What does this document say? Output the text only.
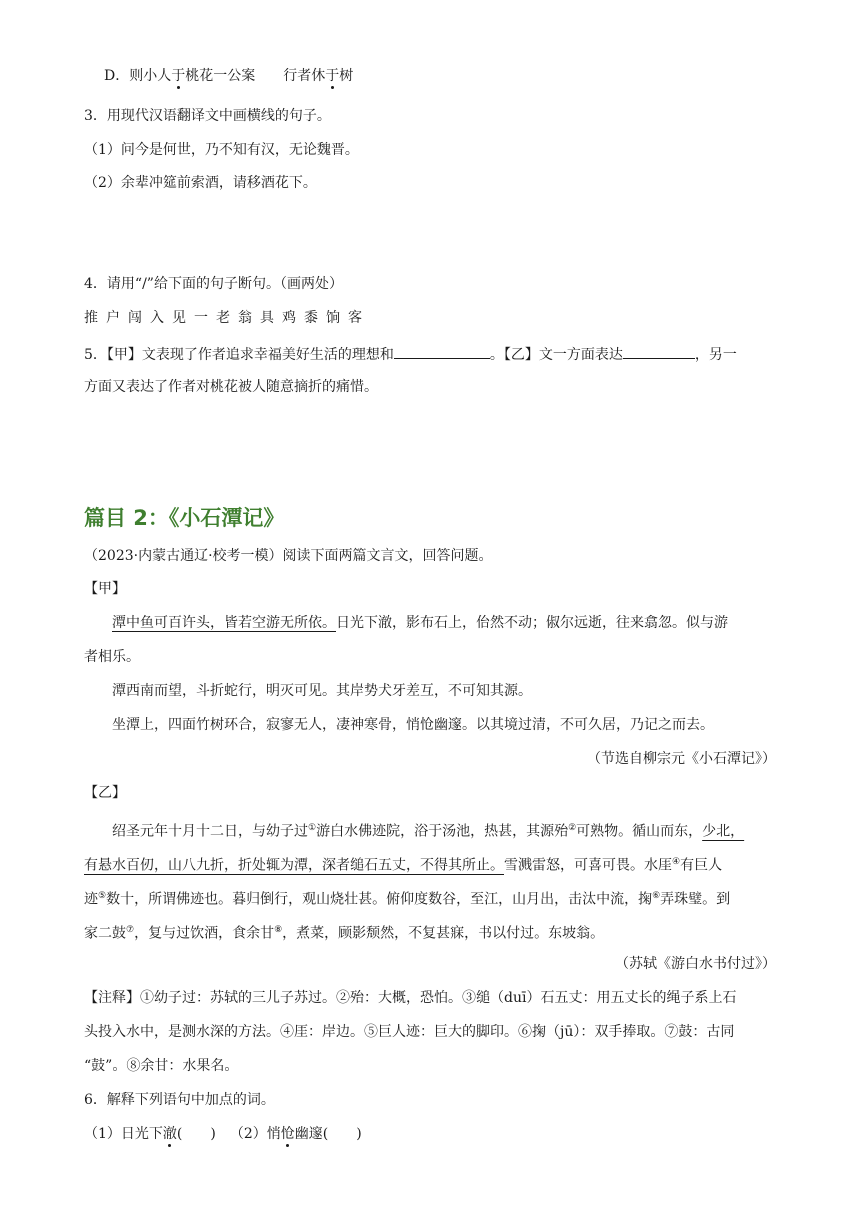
D．则小人于桃花一公案 行者休于树
3．用现代汉语翻译文中画横线的句子。
（1）问今是何世，乃不知有汉，无论魏晋。
（2）余辈冲筵前索酒，请移酒花下。
4．请用“/”给下面的句子断句。（画两处）
推户闯入见一老翁具鸡黍饷客
5．【甲】文表现了作者追求幸福美好生活的理想和	。【乙】文一方面表达	，另一
方面又表达了作者对桃花被人随意摘折的痛惜。
篇目 2：《小石潭记》
（2023·内蒙古通辽·校考一模）阅读下面两篇文言文，回答问题。
【甲】
潭中鱼可百许头，皆若空游无所依。日光下澈，影布石上，佁然不动；俶尔远逝，往来翕忽。似与游
者相乐。
潭西南而望，斗折蛇行，明灭可见。其岸势犬牙差互，不可知其源。
坐潭上，四面竹树环合，寂寥无人，凄神寒骨，悄怆幽邃。以其境过清，不可久居，乃记之而去。
（节选自柳宗元《小石潭记》）
【乙】
绍圣元年十月十二日，与幼子过①游白水佛迹院，浴于汤池，热甚，其源殆②可熟物。循山而东，少北，
有悬水百仞，山八九折，折处辄为潭，深者缒石五丈，不得其所止。雪溅雷怒，可喜可畏。水厓④有巨人
迹⑤数十，所谓佛迹也。暮归倒行，观山烧壮甚。俯仰度数谷，至江，山月出，击汰中流，掬⑥弄珠璧。到
家二鼓⑦，复与过饮酒，食余甘⑧，煮菜，顾影颓然，不复甚寐，书以付过。东坡翁。
（苏轼《游白水书付过》）
【注释】①幼子过：苏轼的三儿子苏过。②殆：大概，恐怕。③缒（duī）石五丈：用五丈长的绳子系上石
头投入水中，是测水深的方法。④厓：岸边。⑤巨人迹：巨大的脚印。⑥掬（jū）：双手捧取。⑦鼓：古同
“鼓”。⑧余甘：水果名。
6．解释下列语句中加点的词。
（1）日光下澈(　　) （2）悄怆幽邃(　　)
